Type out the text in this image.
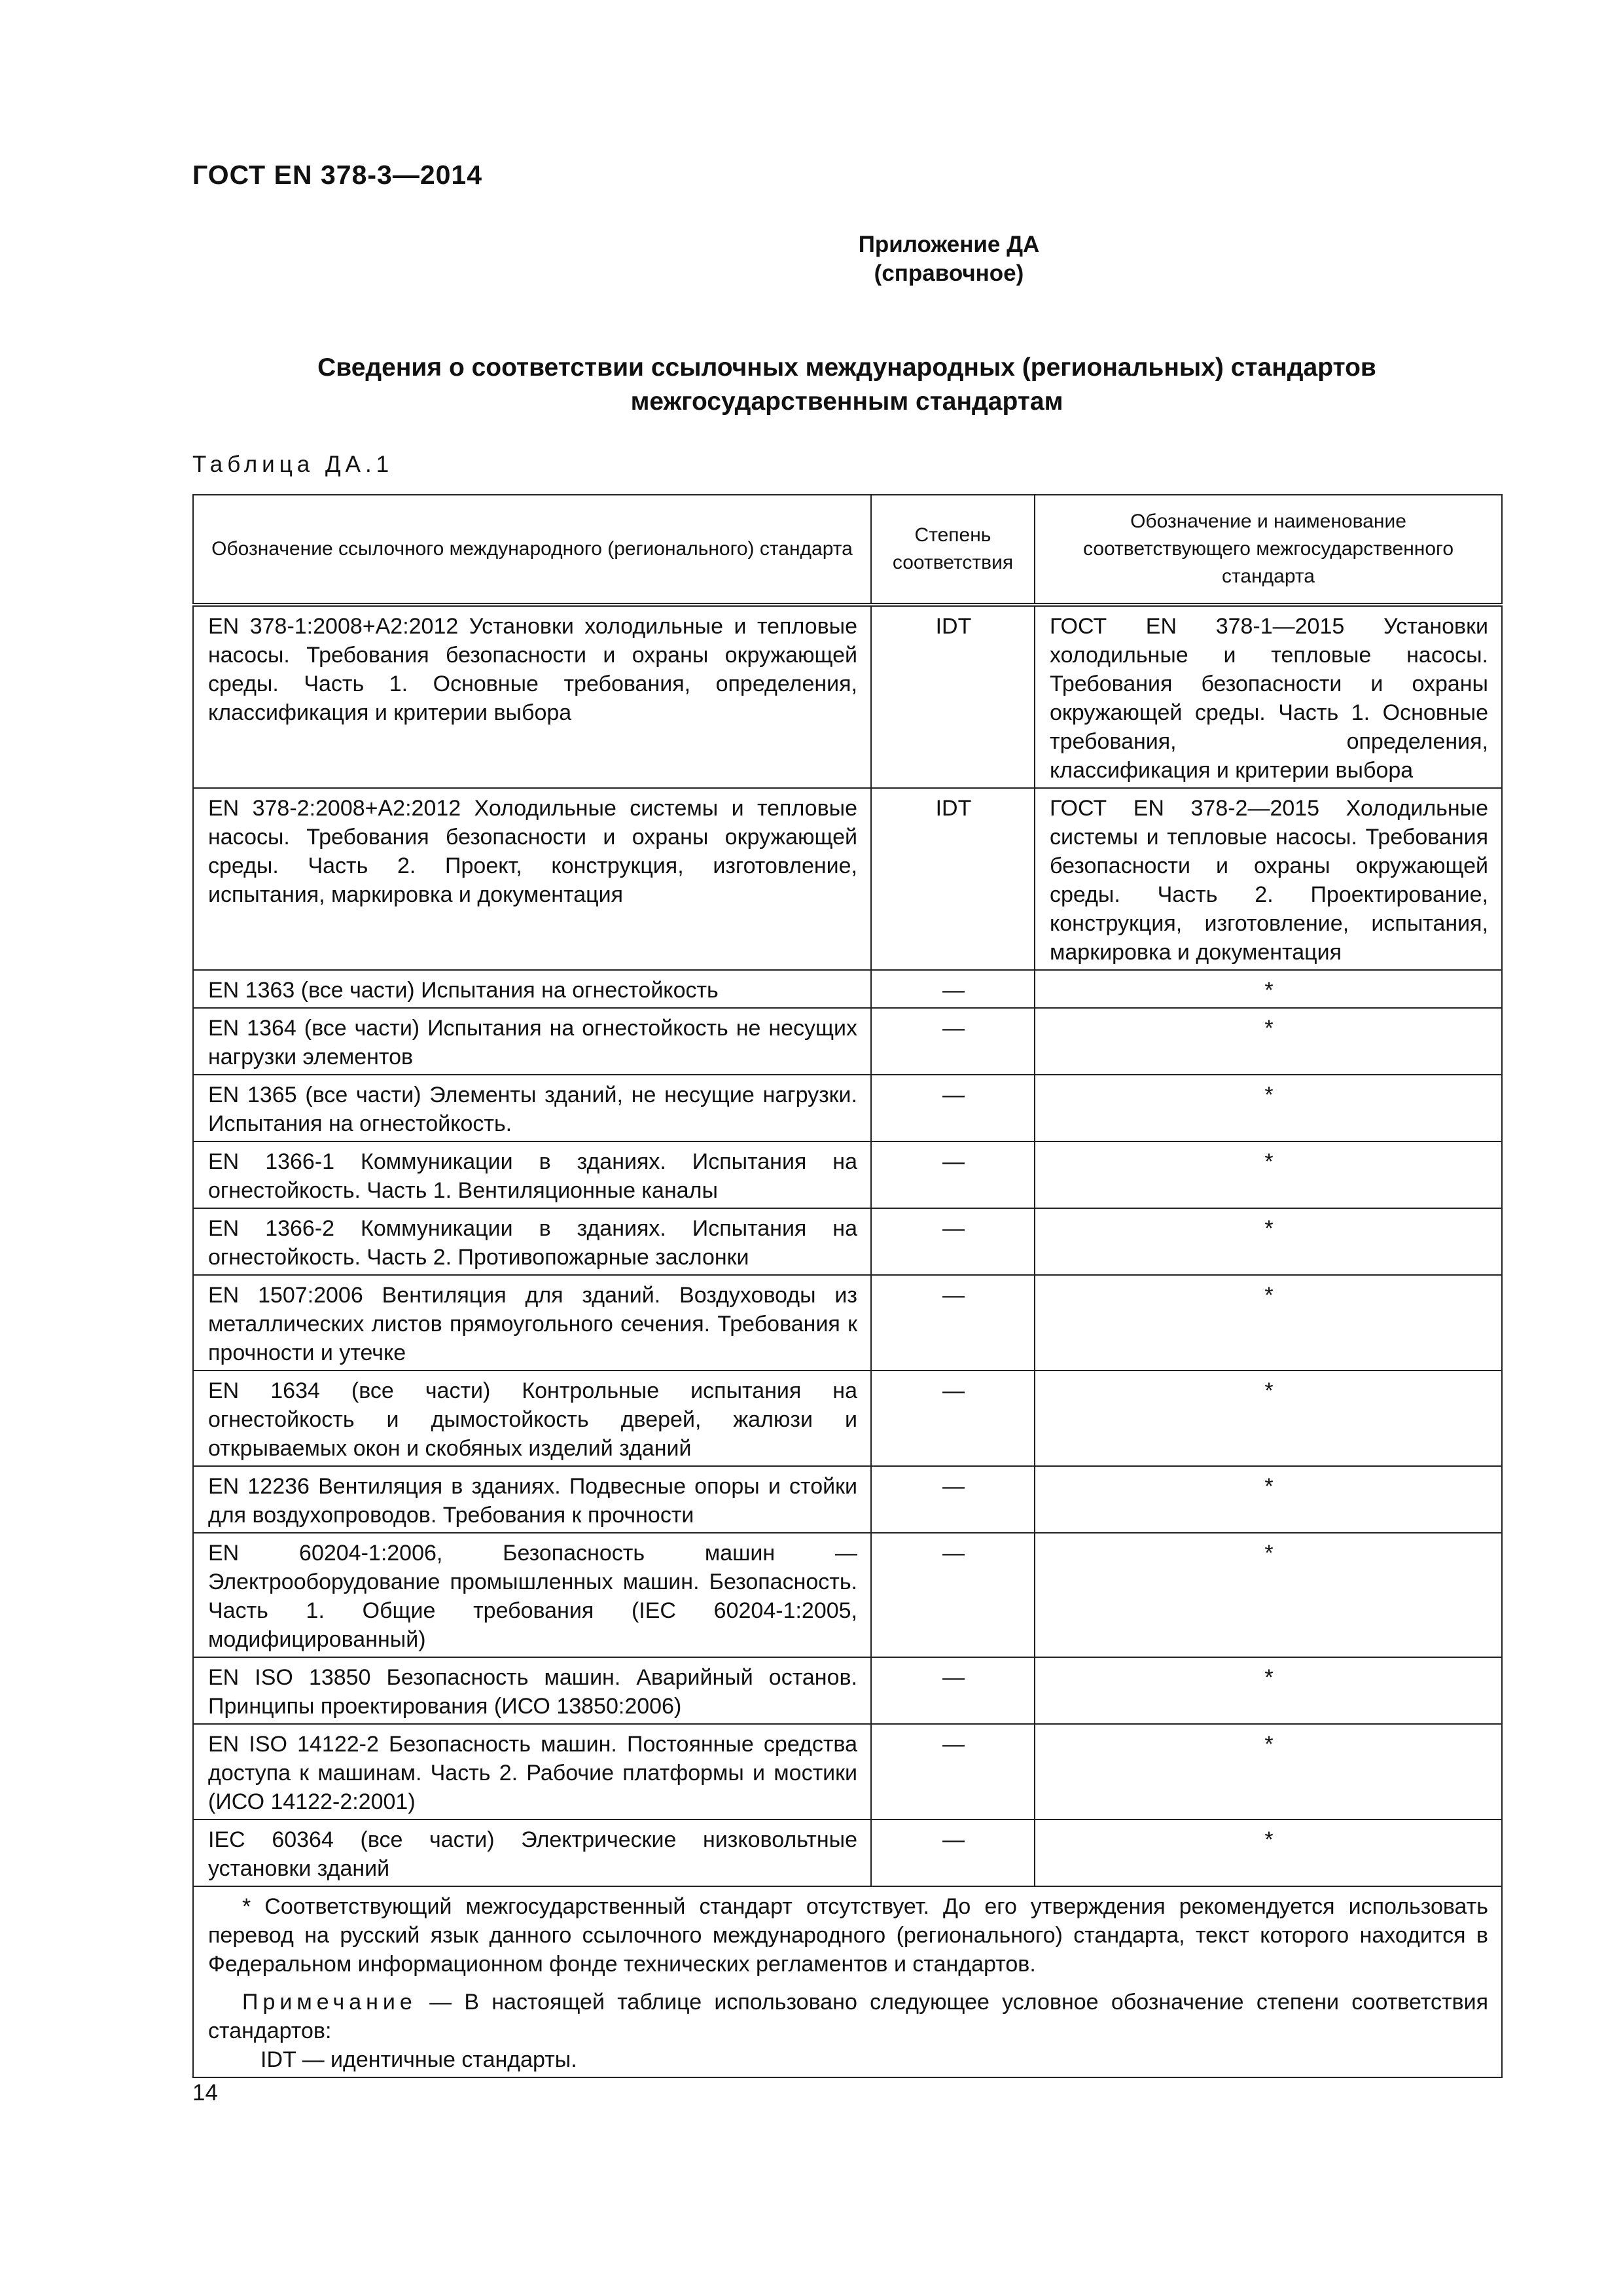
ГОСТ EN 378-3—2014
Приложение ДА
(справочное)
Сведения о соответствии ссылочных международных (региональных) стандартов
межгосударственным стандартам
Таблица ДА.1
Обозначение ссылочного международного (регионального) стандарта	Степень соответствия	Обозначение и наименование соответствующего межгосударственного стандарта
EN 378-1:2008+A2:2012 Установки холодильные и тепловые насосы. Требования безопасности и охраны окружающей среды. Часть 1. Основные требования, определения, классификация и критерии выбора	IDT	ГОСТ EN 378-1—2015 Установки холодильные и тепловые насосы. Требования безопасности и охраны окружающей среды. Часть 1. Основные требования, определения, классификация и критерии выбора
EN 378-2:2008+A2:2012 Холодильные системы и тепловые насосы. Требования безопасности и охраны окружающей среды. Часть 2. Проект, конструкция, изготовление, испытания, маркировка и документация	IDT	ГОСТ EN 378-2—2015 Холодильные системы и тепловые насосы. Требования безопасности и охраны окружающей среды. Часть 2. Проектирование, конструкция, изготовление, испытания, маркировка и документация
EN 1363 (все части) Испытания на огнестойкость	—	*
EN 1364 (все части) Испытания на огнестойкость не несущих нагрузки элементов	—	*
EN 1365 (все части) Элементы зданий, не несущие нагрузки. Испытания на огнестойкость.	—	*
EN 1366-1 Коммуникации в зданиях. Испытания на огнестойкость. Часть 1. Вентиляционные каналы	—	*
EN 1366-2 Коммуникации в зданиях. Испытания на огнестойкость. Часть 2. Противопожарные заслонки	—	*
EN 1507:2006 Вентиляция для зданий. Воздуховоды из металлических листов прямоугольного сечения. Требования к прочности и утечке	—	*
EN 1634 (все части) Контрольные испытания на огнестойкость и дымостойкость дверей, жалюзи и открываемых окон и скобяных изделий зданий	—	*
EN 12236 Вентиляция в зданиях. Подвесные опоры и стойки для воздухопроводов. Требования к прочности	—	*
EN 60204-1:2006, Безопасность машин — Электрооборудование промышленных машин. Безопасность. Часть 1. Общие требования (IEC 60204-1:2005, модифицированный)	—	*
EN ISO 13850 Безопасность машин. Аварийный останов. Принципы проектирования (ИСО 13850:2006)	—	*
EN ISO 14122-2 Безопасность машин. Постоянные средства доступа к машинам. Часть 2. Рабочие платформы и мостики (ИСО 14122-2:2001)	—	*
IEC 60364 (все части) Электрические низковольтные установки зданий	—	*

* Соответствующий межгосударственный стандарт отсутствует. До его утверждения рекомендуется использовать перевод на русский язык данного ссылочного международного (регионального) стандарта, текст которого находится в Федеральном информационном фонде технических регламентов и стандартов.

Примечание — В настоящей таблице использовано следующее условное обозначение степени соответствия стандартов:

IDT — идентичные стандарты.		

14
